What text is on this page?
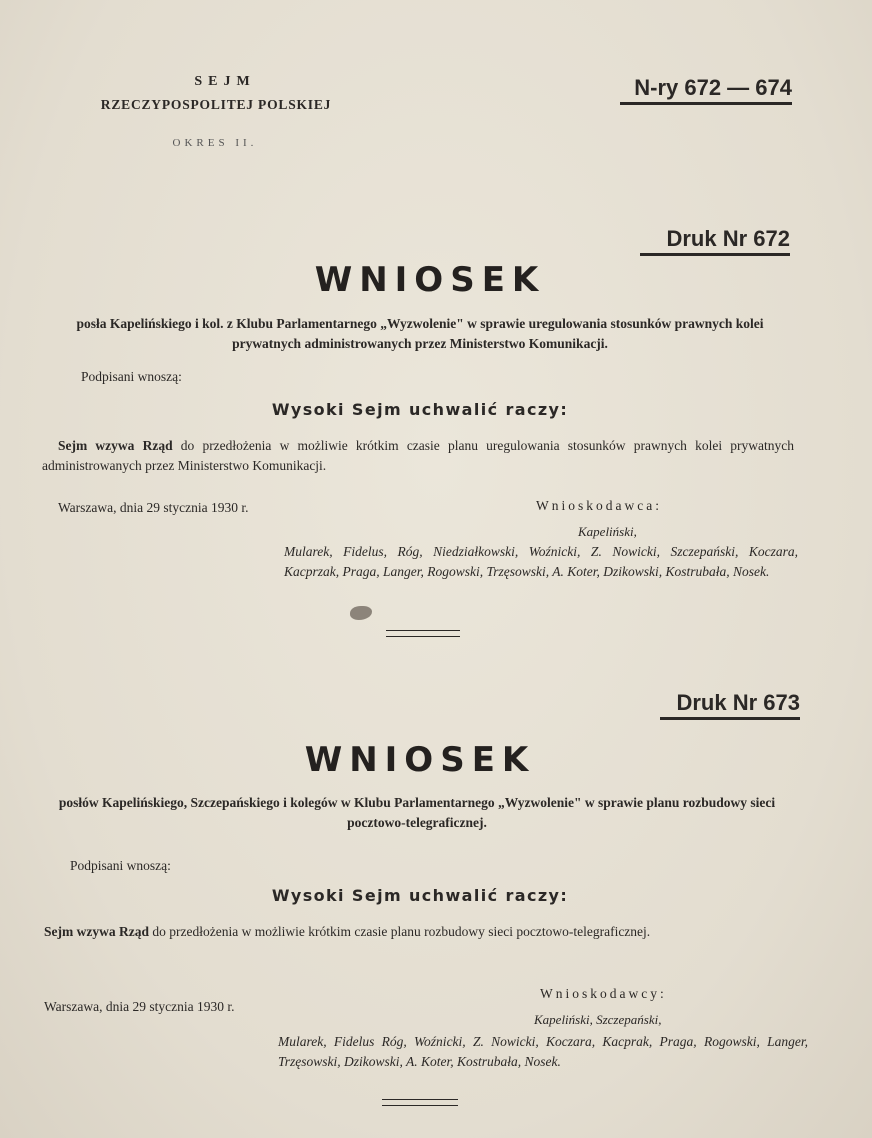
SEJM
RZECZYPOSPOLITEJ POLSKIEJ
OKRES II.
N-ry 672 — 674
Druk Nr 672
WNIOSEK
posła Kapelińskiego i kol. z Klubu Parlamentarnego „Wyzwolenie" w sprawie uregulowania stosunków prawnych kolei prywatnych administrowanych przez Ministerstwo Komunikacji.
Podpisani wnoszą:
Wysoki Sejm uchwalić raczy:
Sejm wzywa Rząd do przedłożenia w możliwie krótkim czasie planu uregulowania stosunków prawnych kolei prywatnych administrowanych przez Ministerstwo Komunikacji.
Warszawa, dnia 29 stycznia 1930 r.	Wnioskodawca:
Kapeliński,
Mularek, Fidelus, Róg, Niedziałkowski, Woźnicki, Z. Nowicki, Szczepański, Koczara, Kacprzak, Praga, Langer, Rogowski, Trzęsowski, A. Koter, Dzikowski, Kostrubała, Nosek.
Druk Nr 673
WNIOSEK
posłów Kapelińskiego, Szczepańskiego i kolegów w Klubu Parlamentarnego „Wyzwolenie" w sprawie planu rozbudowy sieci pocztowo-telegraficznej.
Podpisani wnoszą:
Wysoki Sejm uchwalić raczy:
Sejm wzywa Rząd do przedłożenia w możliwie krótkim czasie planu rozbudowy sieci pocztowo-telegraficznej.
Warszawa, dnia 29 stycznia 1930 r.
Wnioskodawcy:
Kapeliński, Szczepański,
Mularek, Fidelus Róg, Woźnicki, Z. Nowicki, Koczara, Kacprak, Praga, Rogowski, Langer, Trzęsowski, Dzikowski, A. Koter, Kostrubała, Nosek.
